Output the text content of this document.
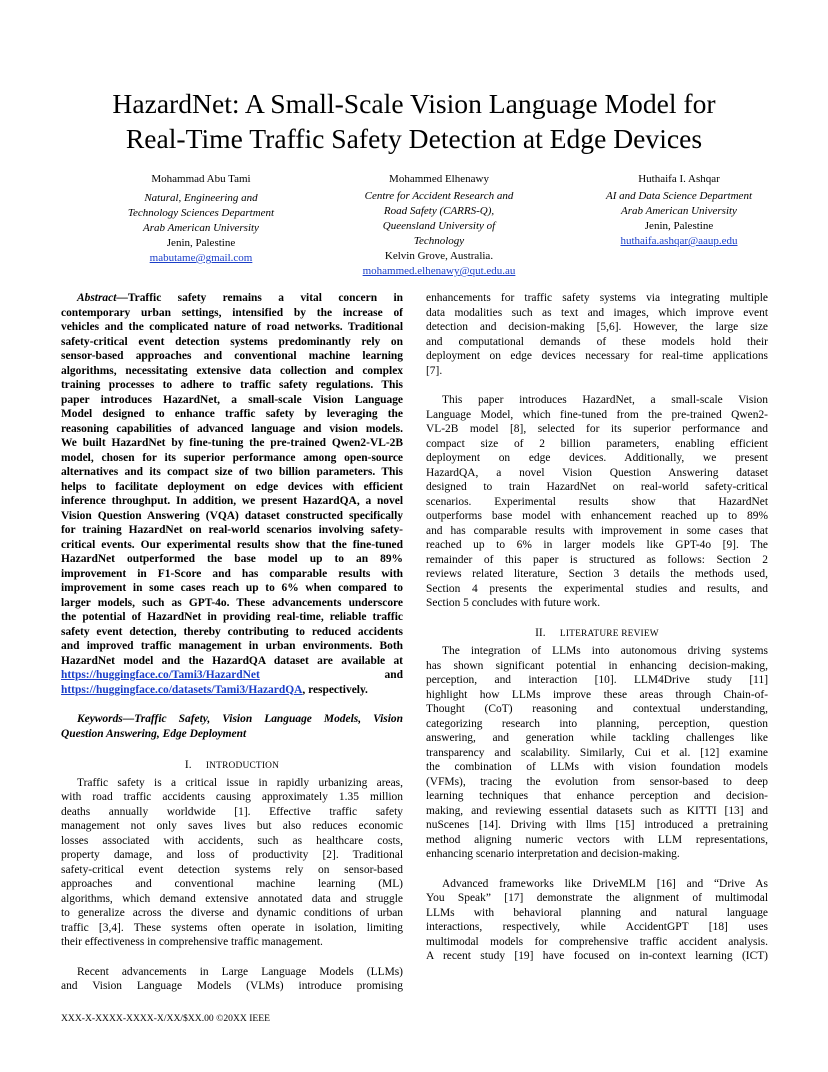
HazardNet: A Small-Scale Vision Language Model for
Real-Time Traffic Safety Detection at Edge Devices
Mohammad Abu Tami
Natural, Engineering and
Technology Sciences Department
Arab American University
Jenin, Palestine
mabutame@gmail.com
Mohammed Elhenawy
Centre for Accident Research and
Road Safety (CARRS-Q),
Queensland University of
Technology
Kelvin Grove, Australia.
mohammed.elhenawy@qut.edu.au
Huthaifa I. Ashqar
AI and Data Science Department
Arab American University
Jenin, Palestine
huthaifa.ashqar@aaup.edu
Abstract—Traffic safety remains a vital concern in
contemporary urban settings, intensified by the increase of
vehicles and the complicated nature of road networks. Traditional
safety-critical event detection systems predominantly rely on
sensor-based approaches and conventional machine learning
algorithms, necessitating extensive data collection and complex
training processes to adhere to traffic safety regulations. This
paper introduces HazardNet, a small-scale Vision Language
Model designed to enhance traffic safety by leveraging the
reasoning capabilities of advanced language and vision models.
We built HazardNet by fine-tuning the pre-trained Qwen2-VL-2B
model, chosen for its superior performance among open-source
alternatives and its compact size of two billion parameters. This
helps to facilitate deployment on edge devices with efficient
inference throughput. In addition, we present HazardQA, a novel
Vision Question Answering (VQA) dataset constructed specifically
for training HazardNet on real-world scenarios involving safety-
critical events. Our experimental results show that the fine-tuned
HazardNet outperformed the base model up to an 89%
improvement in F1-Score and has comparable results with
improvement in some cases reach up to 6% when compared to
larger models, such as GPT-4o. These advancements underscore
the potential of HazardNet in providing real-time, reliable traffic
safety event detection, thereby contributing to reduced accidents
and improved traffic management in urban environments. Both
HazardNet model and the HazardQA dataset are available at
https://huggingface.co/Tami3/HazardNet	and
https://huggingface.co/datasets/Tami3/HazardQA, respectively.
Keywords—Traffic Safety, Vision Language Models, Vision
Question Answering, Edge Deployment
I. INTRODUCTION
Traffic safety is a critical issue in rapidly urbanizing areas,
with road traffic accidents causing approximately 1.35 million
deaths annually worldwide [1]. Effective traffic safety
management not only saves lives but also reduces economic
losses associated with accidents, such as healthcare costs,
property damage, and loss of productivity [2]. Traditional
safety-critical event detection systems rely on sensor-based
approaches and conventional machine learning (ML)
algorithms, which demand extensive annotated data and struggle
to generalize across the diverse and dynamic conditions of urban
traffic [3,4]. These systems often operate in isolation, limiting
their effectiveness in comprehensive traffic management.
Recent advancements in Large Language Models (LLMs)
and Vision Language Models (VLMs) introduce promising
enhancements for traffic safety systems via integrating multiple
data modalities such as text and images, which improve event
detection and decision-making [5,6]. However, the large size
and computational demands of these models hold their
deployment on edge devices necessary for real-time applications
[7].
This paper introduces HazardNet, a small-scale Vision
Language Model, which fine-tuned from the pre-trained Qwen2-
VL-2B model [8], selected for its superior performance and
compact size of 2 billion parameters, enabling efficient
deployment on edge devices. Additionally, we present
HazardQA, a novel Vision Question Answering dataset
designed to train HazardNet on real-world safety-critical
scenarios. Experimental results show that HazardNet
outperforms base model with enhancement reached up to 89%
and has comparable results with improvement in some cases that
reached up to 6% in larger models like GPT-4o [9]. The
remainder of this paper is structured as follows: Section 2
reviews related literature, Section 3 details the methods used,
Section 4 presents the experimental studies and results, and
Section 5 concludes with future work.
II. LITERATURE REVIEW
The integration of LLMs into autonomous driving systems
has shown significant potential in enhancing decision-making,
perception, and interaction [10]. LLM4Drive study [11]
highlight how LLMs improve these areas through Chain-of-
Thought (CoT) reasoning and contextual understanding,
categorizing research into planning, perception, question
answering, and generation while tackling challenges like
transparency and scalability. Similarly, Cui et al. [12] examine
the combination of LLMs with vision foundation models
(VFMs), tracing the evolution from sensor-based to deep
learning techniques that enhance perception and decision-
making, and reviewing essential datasets such as KITTI [13] and
nuScenes [14]. Driving with llms [15] introduced a pretraining
method aligning numeric vectors with LLM representations,
enhancing scenario interpretation and decision-making.
Advanced frameworks like DriveMLM [16] and “Drive As
You Speak” [17] demonstrate the alignment of multimodal
LLMs with behavioral planning and natural language
interactions, respectively, while AccidentGPT [18] uses
multimodal models for comprehensive traffic accident analysis.
A recent study [19] have focused on in-context learning (ICT)
XXX-X-XXXX-XXXX-X/XX/$XX.00 ©20XX IEEE
